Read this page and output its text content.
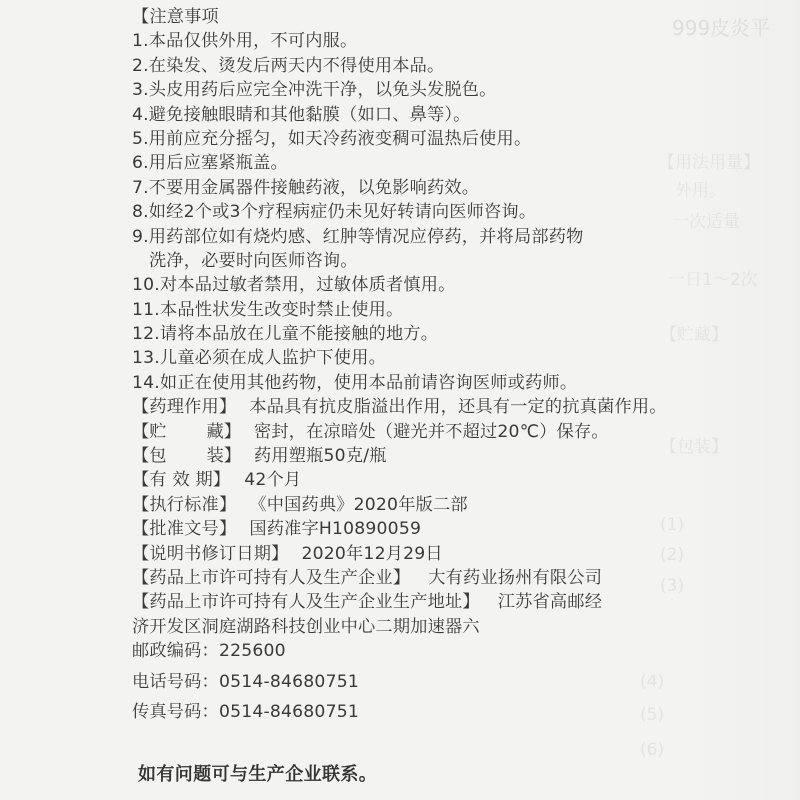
999皮炎平
【用法用量】
外用。
一次适量
一日1～2次
【贮藏】
【包装】
(1)
(2)
(3)
(4)
(5)
(6)
【注意事项
1.本品仅供外用，不可内服。
2.在染发、烫发后两天内不得使用本品。
3.头皮用药后应完全冲洗干净，以免头发脱色。
4.避免接触眼睛和其他黏膜（如口、鼻等）。
5.用前应充分摇匀，如天冷药液变稠可温热后使用。
6.用后应塞紧瓶盖。
7.不要用金属器件接触药液，以免影响药效。
8.如经2个或3个疗程病症仍未见好转请向医师咨询。
9.用药部位如有烧灼感、红肿等情况应停药，并将局部药物
洗净，必要时向医师咨询。
10.对本品过敏者禁用，过敏体质者慎用。
11.本品性状发生改变时禁止使用。
12.请将本品放在儿童不能接触的地方。
13.儿童必须在成人监护下使用。
14.如正在使用其他药物，使用本品前请咨询医师或药师。
【药理作用】 本品具有抗皮脂溢出作用，还具有一定的抗真菌作用。
【贮 藏】 密封，在凉暗处（避光并不超过20℃）保存。
【包 装】 药用塑瓶50克/瓶
【有 效 期】 42个月
【执行标准】 《中国药典》2020年版二部
【批准文号】 国药准字H10890059
【说明书修订日期】 2020年12月29日
【药品上市许可持有人及生产企业】 大有药业扬州有限公司
【药品上市许可持有人及生产企业生产地址】 江苏省高邮经
济开发区洞庭湖路科技创业中心二期加速器六
邮政编码： 225600
电话号码： 0514-84680751
传真号码： 0514-84680751
如有问题可与生产企业联系。
